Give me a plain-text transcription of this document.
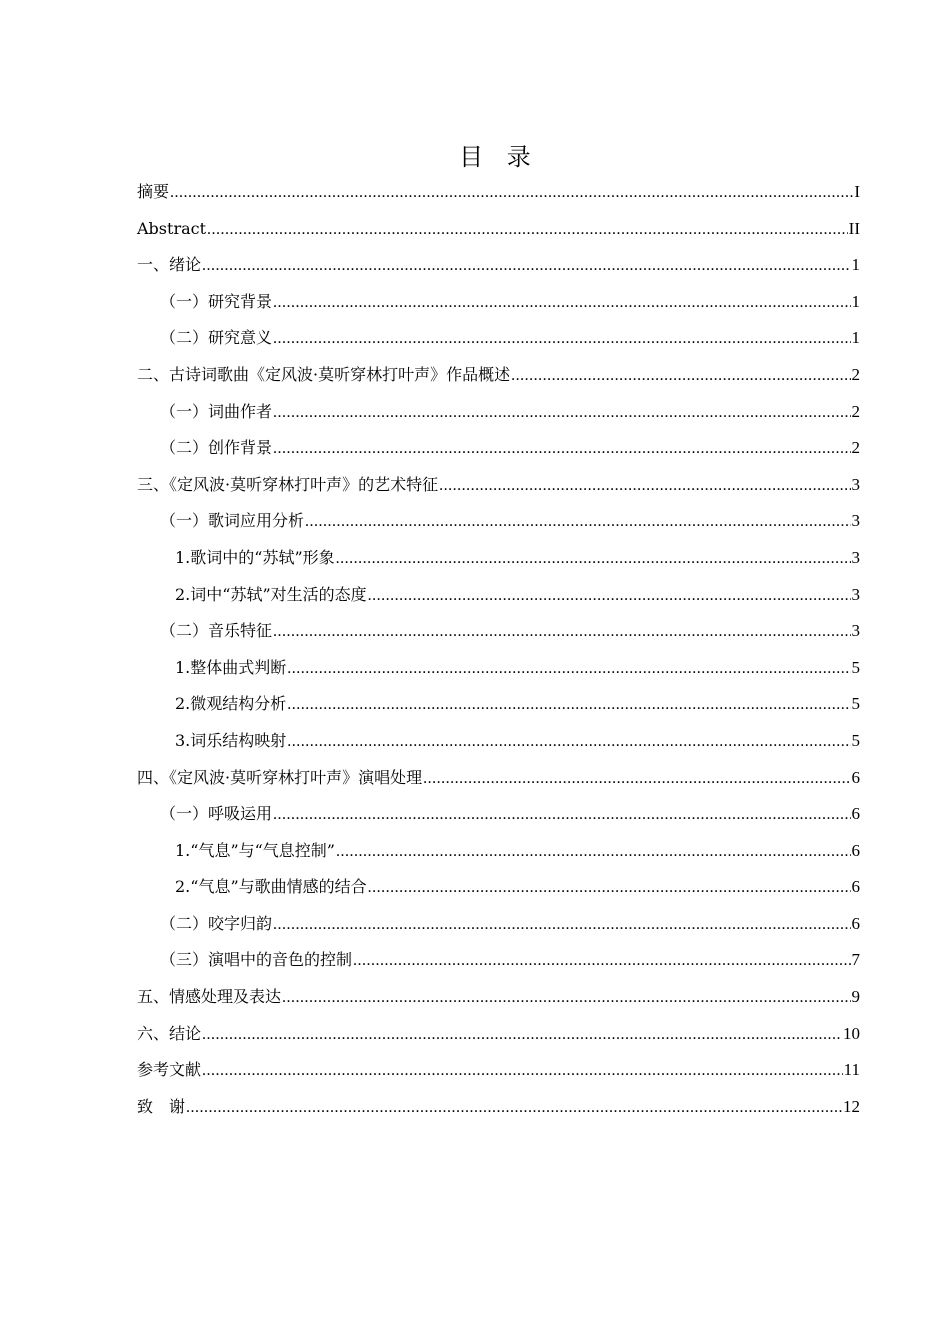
目 录
摘要 .....	I
Abstract .....	II
一、绪论 .....	1
（一）研究背景 .....	1
（二）研究意义 .....	1
二、古诗词歌曲《定风波·莫听穿林打叶声》作品概述 .....	2
（一）词曲作者 .....	2
（二）创作背景 .....	2
三、《定风波·莫听穿林打叶声》的艺术特征 .....	3
（一）歌词应用分析 .....	3
1.歌词中的“苏轼”形象 .....	3
2.词中“苏轼”对生活的态度 .....	3
（二）音乐特征 .....	3
1.整体曲式判断 .....	5
2.微观结构分析 .....	5
3.词乐结构映射 .....	5
四、《定风波·莫听穿林打叶声》演唱处理 .....	6
（一）呼吸运用 .....	6
1.“气息”与“气息控制” .....	6
2.“气息”与歌曲情感的结合 .....	6
（二）咬字归韵 .....	6
（三）演唱中的音色的控制 .....	7
五、情感处理及表达 .....	9
六、结论 .....	10
参考文献 .....	11
致　谢 .....	12
